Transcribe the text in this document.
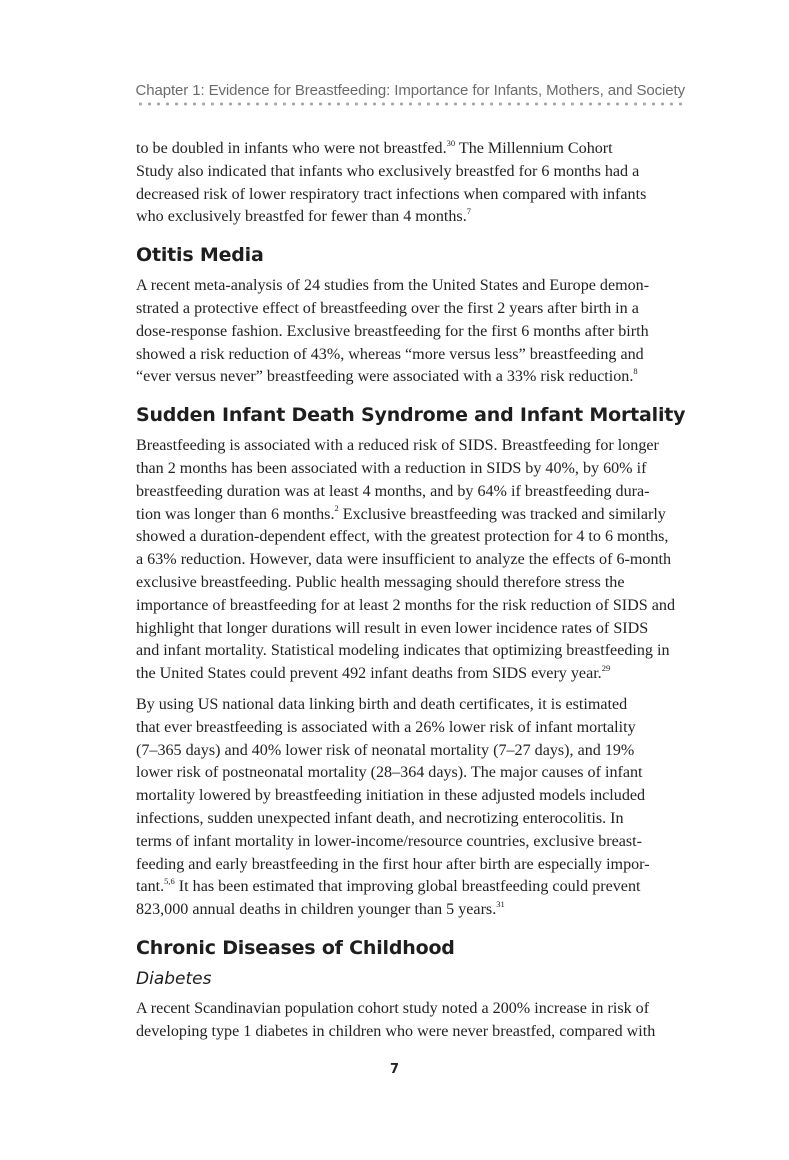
Chapter 1: Evidence for Breastfeeding: Importance for Infants, Mothers, and Society
to be doubled in infants who were not breastfed.$^{30}$ The Millennium Cohort
Study also indicated that infants who exclusively breastfed for 6 months had a
decreased risk of lower respiratory tract infections when compared with infants
who exclusively breastfed for fewer than 4 months.$^7$
Otitis Media
A recent meta-analysis of 24 studies from the United States and Europe demon-
strated a protective effect of breastfeeding over the first 2 years after birth in a
dose-response fashion. Exclusive breastfeeding for the first 6 months after birth
showed a risk reduction of 43%, whereas “more versus less” breastfeeding and
“ever versus never” breastfeeding were associated with a 33% risk reduction.$^8$
Sudden Infant Death Syndrome and Infant Mortality
Breastfeeding is associated with a reduced risk of SIDS. Breastfeeding for longer
than 2 months has been associated with a reduction in SIDS by 40%, by 60% if
breastfeeding duration was at least 4 months, and by 64% if breastfeeding dura-
tion was longer than 6 months.$^2$ Exclusive breastfeeding was tracked and similarly
showed a duration-dependent effect, with the greatest protection for 4 to 6 months,
a 63% reduction. However, data were insufficient to analyze the effects of 6-month
exclusive breastfeeding. Public health messaging should therefore stress the
importance of breastfeeding for at least 2 months for the risk reduction of SIDS and
highlight that longer durations will result in even lower incidence rates of SIDS
and infant mortality. Statistical modeling indicates that optimizing breastfeeding in
the United States could prevent 492 infant deaths from SIDS every year.$^{29}$
By using US national data linking birth and death certificates, it is estimated
that ever breastfeeding is associated with a 26% lower risk of infant mortality
(7–365 days) and 40% lower risk of neonatal mortality (7–27 days), and 19%
lower risk of postneonatal mortality (28–364 days). The major causes of infant
mortality lowered by breastfeeding initiation in these adjusted models included
infections, sudden unexpected infant death, and necrotizing enterocolitis. In
terms of infant mortality in lower-income/resource countries, exclusive breast-
feeding and early breastfeeding in the first hour after birth are especially impor-
tant.$^{5,6}$ It has been estimated that improving global breastfeeding could prevent
823,000 annual deaths in children younger than 5 years.$^{31}$
Chronic Diseases of Childhood
Diabetes
A recent Scandinavian population cohort study noted a 200% increase in risk of
developing type 1 diabetes in children who were never breastfed, compared with
7
